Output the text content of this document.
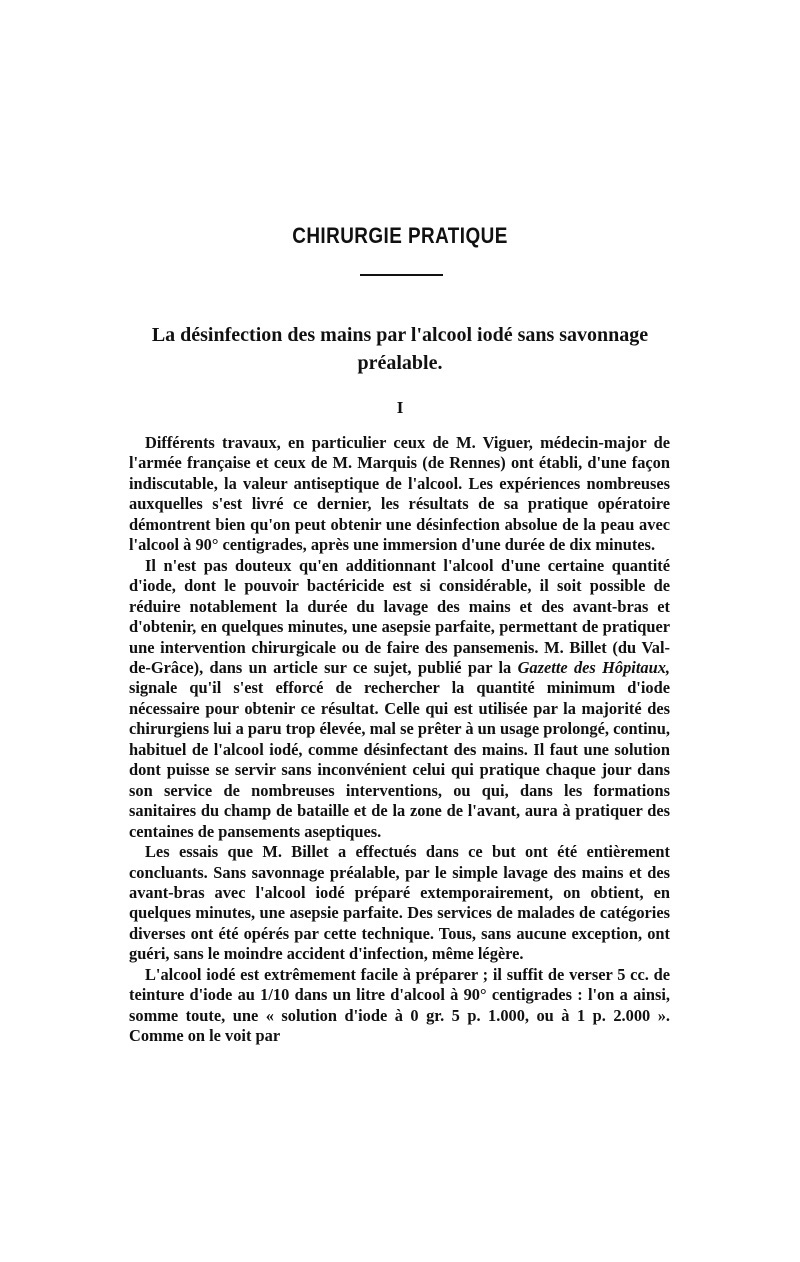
CHIRURGIE PRATIQUE
La désinfection des mains par l'alcool iodé sans savonnage préalable.
I

Différents travaux, en particulier ceux de M. Viguer, médecin-major de l'armée française et ceux de M. Marquis (de Rennes) ont établi, d'une façon indiscutable, la valeur antiseptique de l'alcool. Les expériences nombreuses auxquelles s'est livré ce dernier, les résultats de sa pratique opératoire démontrent bien qu'on peut obtenir une désinfection absolue de la peau avec l'alcool à 90° centigrades, après une immersion d'une durée de dix minutes.

Il n'est pas douteux qu'en additionnant l'alcool d'une certaine quantité d'iode, dont le pouvoir bactéricide est si considérable, il soit possible de réduire notablement la durée du lavage des mains et des avant-bras et d'obtenir, en quelques minutes, une asepsie parfaite, permettant de pratiquer une intervention chirurgicale ou de faire des pansemenis. M. Billet (du Val-de-Grâce), dans un article sur ce sujet, publié par la Gazette des Hôpitaux, signale qu'il s'est efforcé de rechercher la quantité minimum d'iode nécessaire pour obtenir ce résultat. Celle qui est utilisée par la majorité des chirurgiens lui a paru trop élevée, mal se prêter à un usage prolongé, continu, habituel de l'alcool iodé, comme désinfectant des mains. Il faut une solution dont puisse se servir sans inconvénient celui qui pratique chaque jour dans son service de nombreuses interventions, ou qui, dans les formations sanitaires du champ de bataille et de la zone de l'avant, aura à pratiquer des centaines de pansements aseptiques.

Les essais que M. Billet a effectués dans ce but ont été entièrement concluants. Sans savonnage préalable, par le simple lavage des mains et des avant-bras avec l'alcool iodé préparé extemporairement, on obtient, en quelques minutes, une asepsie parfaite. Des services de malades de catégories diverses ont été opérés par cette technique. Tous, sans aucune exception, ont guéri, sans le moindre accident d'infection, même légère.

L'alcool iodé est extrêmement facile à préparer ; il suffit de verser 5 cc. de teinture d'iode au 1/10 dans un litre d'alcool à 90° centigrades : l'on a ainsi, somme toute, une « solution d'iode à 0 gr. 5 p. 1.000, ou à 1 p. 2.000 ». Comme on le voit par
